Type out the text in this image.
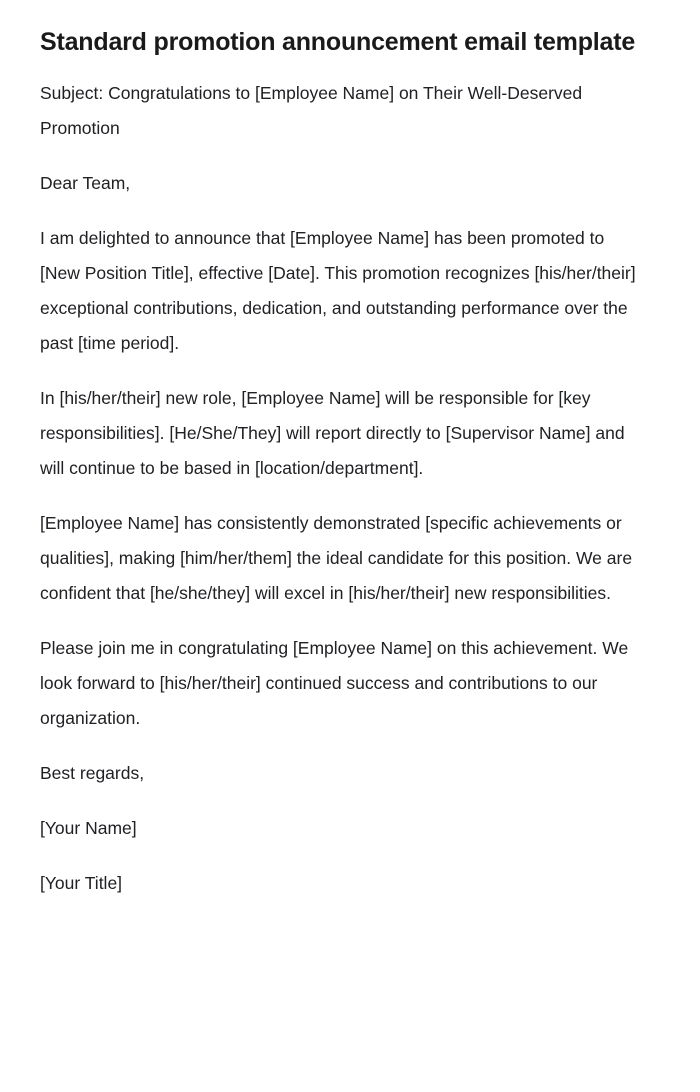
Standard promotion announcement email template

Subject: Congratulations to [Employee Name] on Their Well-Deserved Promotion

Dear Team,

I am delighted to announce that [Employee Name] has been promoted to [New Position Title], effective [Date]. This promotion recognizes [his/her/their] exceptional contributions, dedication, and outstanding performance over the past [time period].

In [his/her/their] new role, [Employee Name] will be responsible for [key responsibilities]. [He/She/They] will report directly to [Supervisor Name] and will continue to be based in [location/department].

[Employee Name] has consistently demonstrated [specific achievements or qualities], making [him/her/them] the ideal candidate for this position. We are confident that [he/she/they] will excel in [his/her/their] new responsibilities.

Please join me in congratulating [Employee Name] on this achievement. We look forward to [his/her/their] continued success and contributions to our organization.

Best regards,

[Your Name]

[Your Title]
